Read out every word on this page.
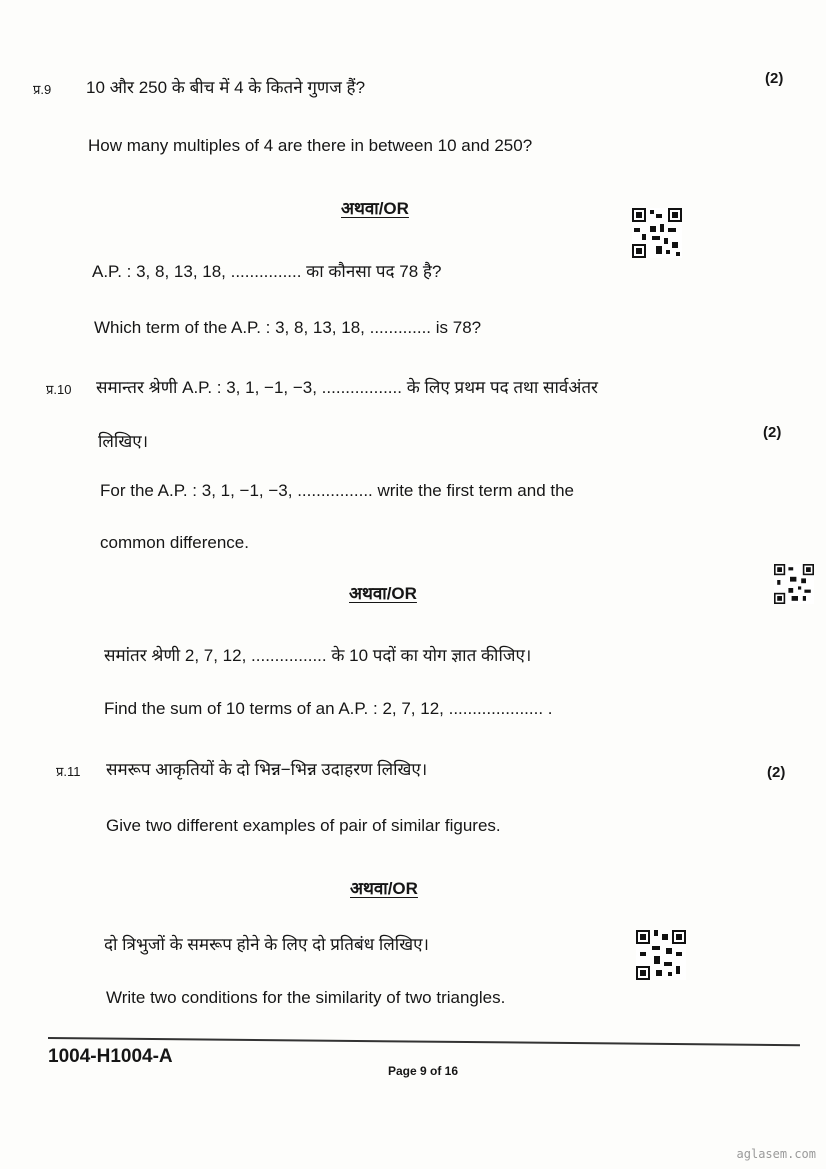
प्र.9 10 और 250 के बीच में 4 के कितने गुणज हैं?	(2)
How many multiples of 4 are there in between 10 and 250?
अथवा/OR
A.P. : 3, 8, 13, 18, ............... का कौनसा पद 78 है?
Which term of the A.P. : 3, 8, 13, 18, ............. is 78?
प्र.10 समान्तर श्रेणी A.P. : 3, 1, −1, −3, ................. के लिए प्रथम पद तथा सार्वअंतर
लिखिए।	(2)
For the A.P. : 3, 1, −1, −3, ................ write the first term and the
common difference.
अथवा/OR
समांतर श्रेणी 2, 7, 12, ................ के 10 पदों का योग ज्ञात कीजिए।
Find the sum of 10 terms of an A.P. : 2, 7, 12, .................... .
प्र.11 समरूप आकृतियों के दो भिन्न−भिन्न उदाहरण लिखिए।	(2)
Give two different examples of pair of similar figures.
अथवा/OR
दो त्रिभुजों के समरूप होने के लिए दो प्रतिबंध लिखिए।
Write two conditions for the similarity of two triangles.
1004-H1004-A
Page 9 of 16
aglasem.com
